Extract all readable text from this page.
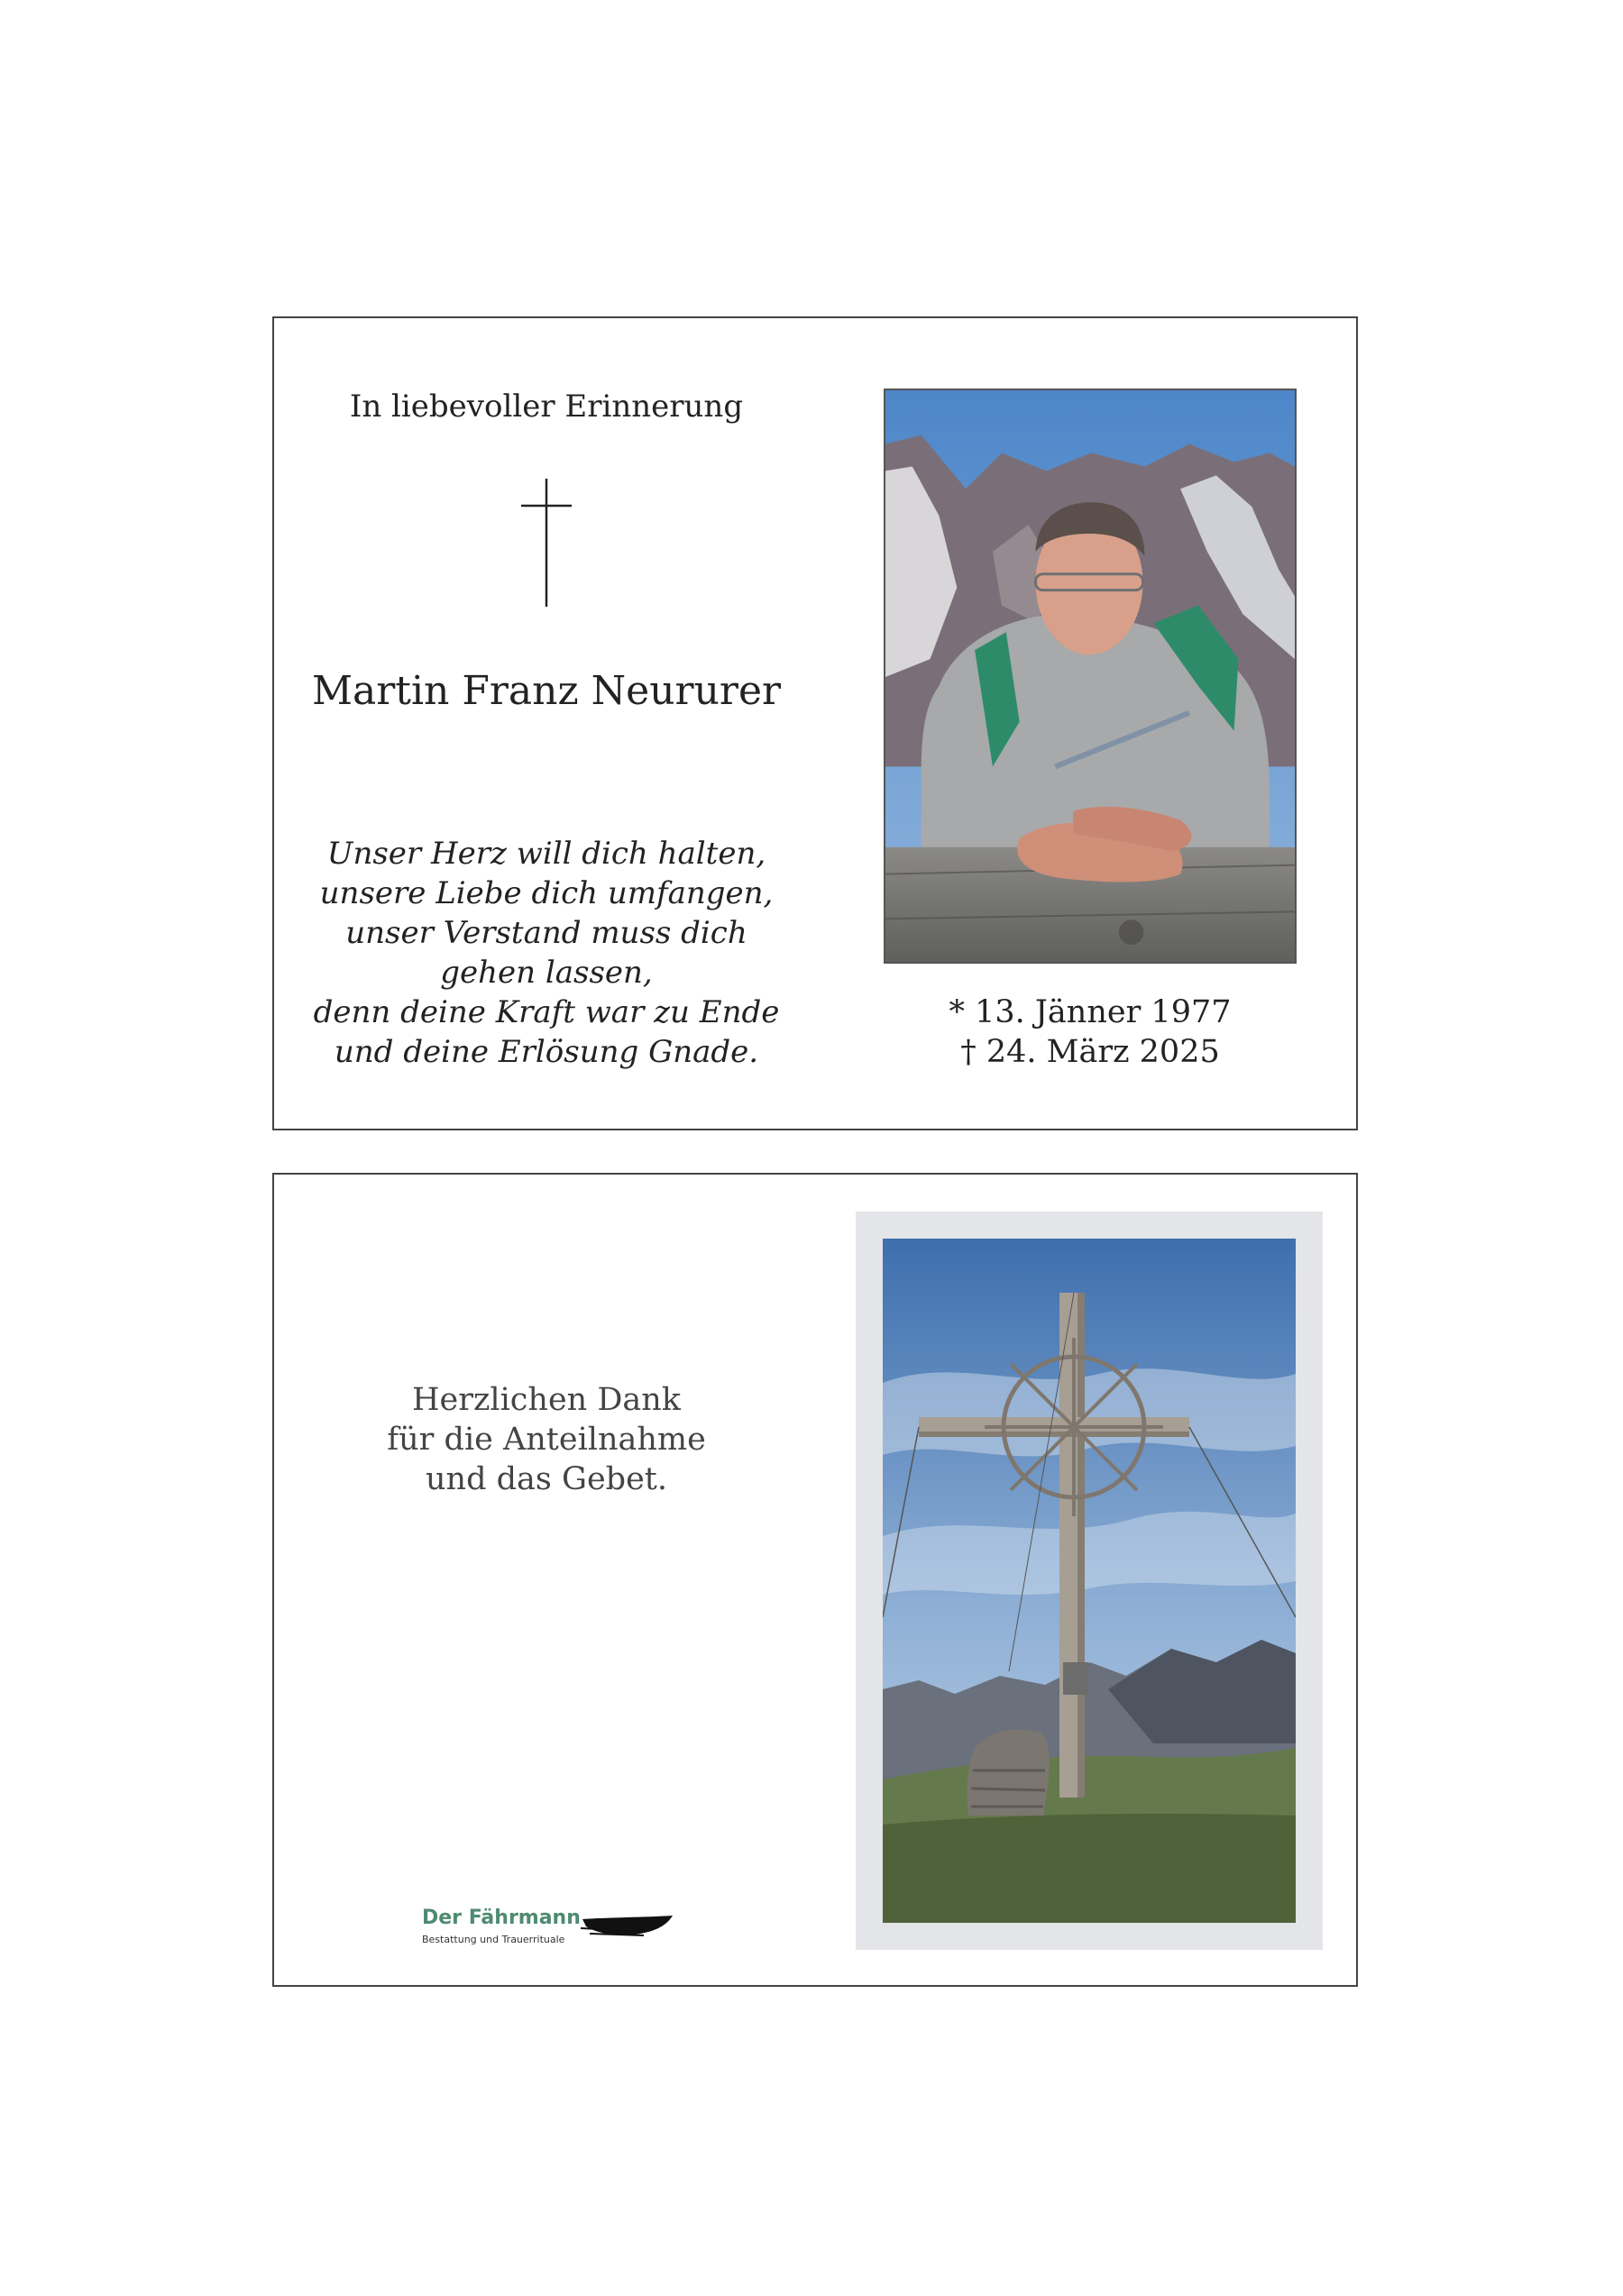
In liebevoller Erinnerung
Martin Franz Neururer
Unser Herz will dich halten,
unsere Liebe dich umfangen,
unser Verstand muss dich
gehen lassen,
denn deine Kraft war zu Ende
und deine Erlösung Gnade.
* 13. Jänner 1977
† 24. März 2025
Herzlichen Dank
für die Anteilnahme
und das Gebet.
Der Fährmann
Bestattung und Trauerrituale
